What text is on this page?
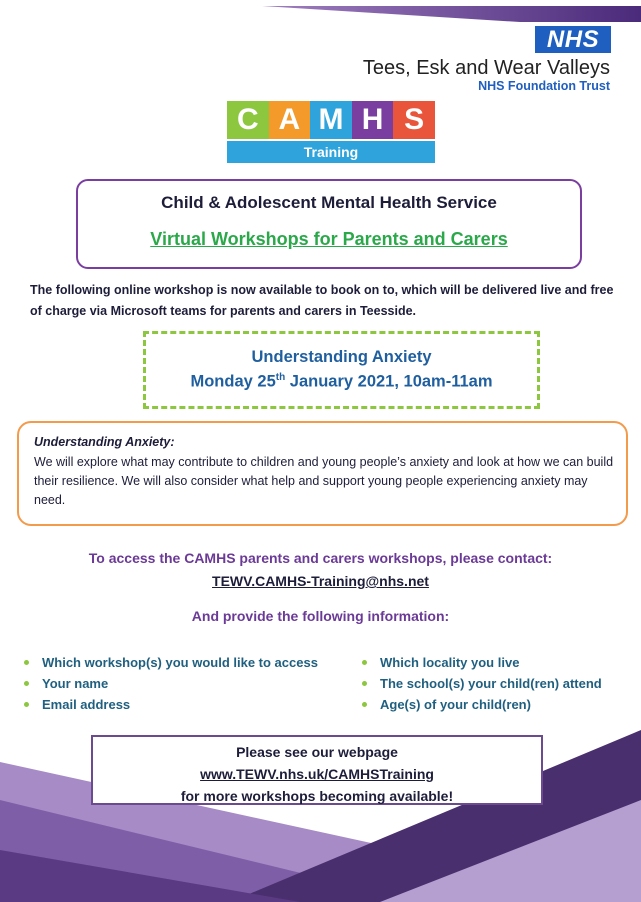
NHS
Tees, Esk and Wear Valleys
NHS Foundation Trust
C A M H S
Training
Child & Adolescent Mental Health Service
Virtual Workshops for Parents and Carers
The following online workshop is now available to book on to, which will be delivered live and free of charge via Microsoft teams for parents and carers in Teesside.
Understanding Anxiety
Monday 25th January 2021, 10am-11am
Understanding Anxiety:
We will explore what may contribute to children and young people’s anxiety and look at how we can build their resilience. We will also consider what help and support young people experiencing anxiety may need.
To access the CAMHS parents and carers workshops, please contact:
TEWV.CAMHS-Training@nhs.net
And provide the following information:
Which workshop(s) you would like to access
Your name
Email address
Which locality you live
The school(s) your child(ren) attend
Age(s) of your child(ren)
Please see our webpage
www.TEWV.nhs.uk/CAMHSTraining
for more workshops becoming available!
